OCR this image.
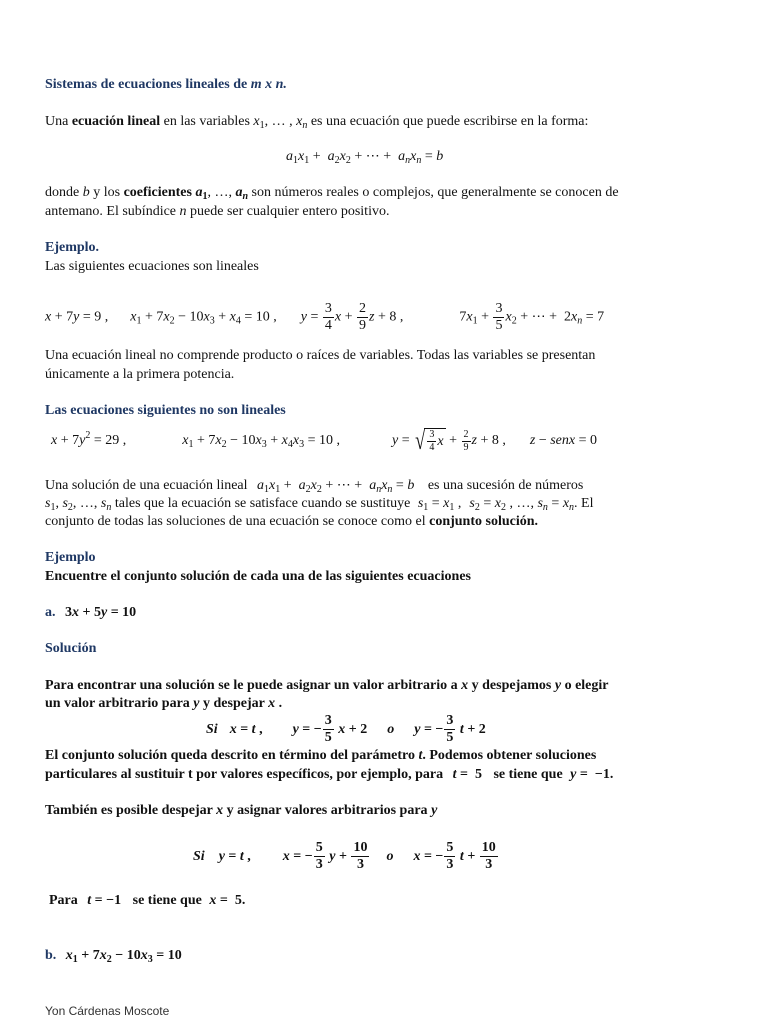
Sistemas de ecuaciones lineales de m x n.
Una ecuación lineal en las variables $x_1$, … , $x_n$ es una ecuación que puede escribirse en la forma:
$a_1x_1 + a_2x_2$ + ⋯ +  $a_nx_n = b$
donde b y los coeficientes $a_1$, …, $a_n$ son números reales o complejos, que generalmente se conocen de
antemano. El subíndice n puede ser cualquier entero positivo.
Ejemplo.
Las siguientes ecuaciones son lineales
x + 7y = 9 , $x_1 + 7x_2 - 10x_3 + x_4 = 10$ , $y = \frac{3}{4}$ $x + \frac{2}{9}$ z + 8 ,	$7x_1 + \frac{3}{5} x_2$ + ⋯ +  $2x_n = 7$
Una ecuación lineal no comprende producto o raíces de variables. Todas las variables se presentan
únicamente a la primera potencia.
Las ecuaciones siguientes no son lineales
$x + 7y^2 = 29$ ,	$x_1 + 7x_2 - 10x_3 + x_4x_3 = 10$ ,	y = √ $\frac{3}{4}$ $x + \frac{2}{9}$ z + 8 , z − senx = 0
Una solución de una ecuación lineal $a_1x_1 + a_2x_2$ + ⋯ +  $a_nx_n = b$ es una sucesión de números
$s_1$, $s_2$, …, $s_n$ tales que la ecuación se satisface cuando se sustituye $s_1 = x_1$ , $s_2 = x_2$ , …, $s_n = x_n$. El
conjunto de todas las soluciones de una ecuación se conoce como el conjunto solución.
Ejemplo
Encuentre el conjunto solución de cada una de las siguientes ecuaciones
a. 3x + 5y = 10
Solución
Para encontrar una solución se le puede asignar un valor arbitrario a x y despejamos y o elegir
un valor arbitrario para y y despejar x .
Si x = t , y = − $\frac{3}{5}$ x + 2 o y = − $\frac{3}{5}$ t + 2
El conjunto solución queda descrito en término del parámetro t. Podemos obtener soluciones
particulares al sustituir t por valores específicos, por ejemplo, para t =  5 se tiene que y =  −1.
También es posible despejar x y asignar valores arbitrarios para y
Si y = t , x = − $\frac{5}{3}$ $y + \frac{10}{3}$ o x = − $\frac{5}{3}$ $t + \frac{10}{3}$
Para t = −1 se tiene que x =  5.
b. $x_1 + 7x_2 - 10x_3 = 10$
Yon Cárdenas Moscote
